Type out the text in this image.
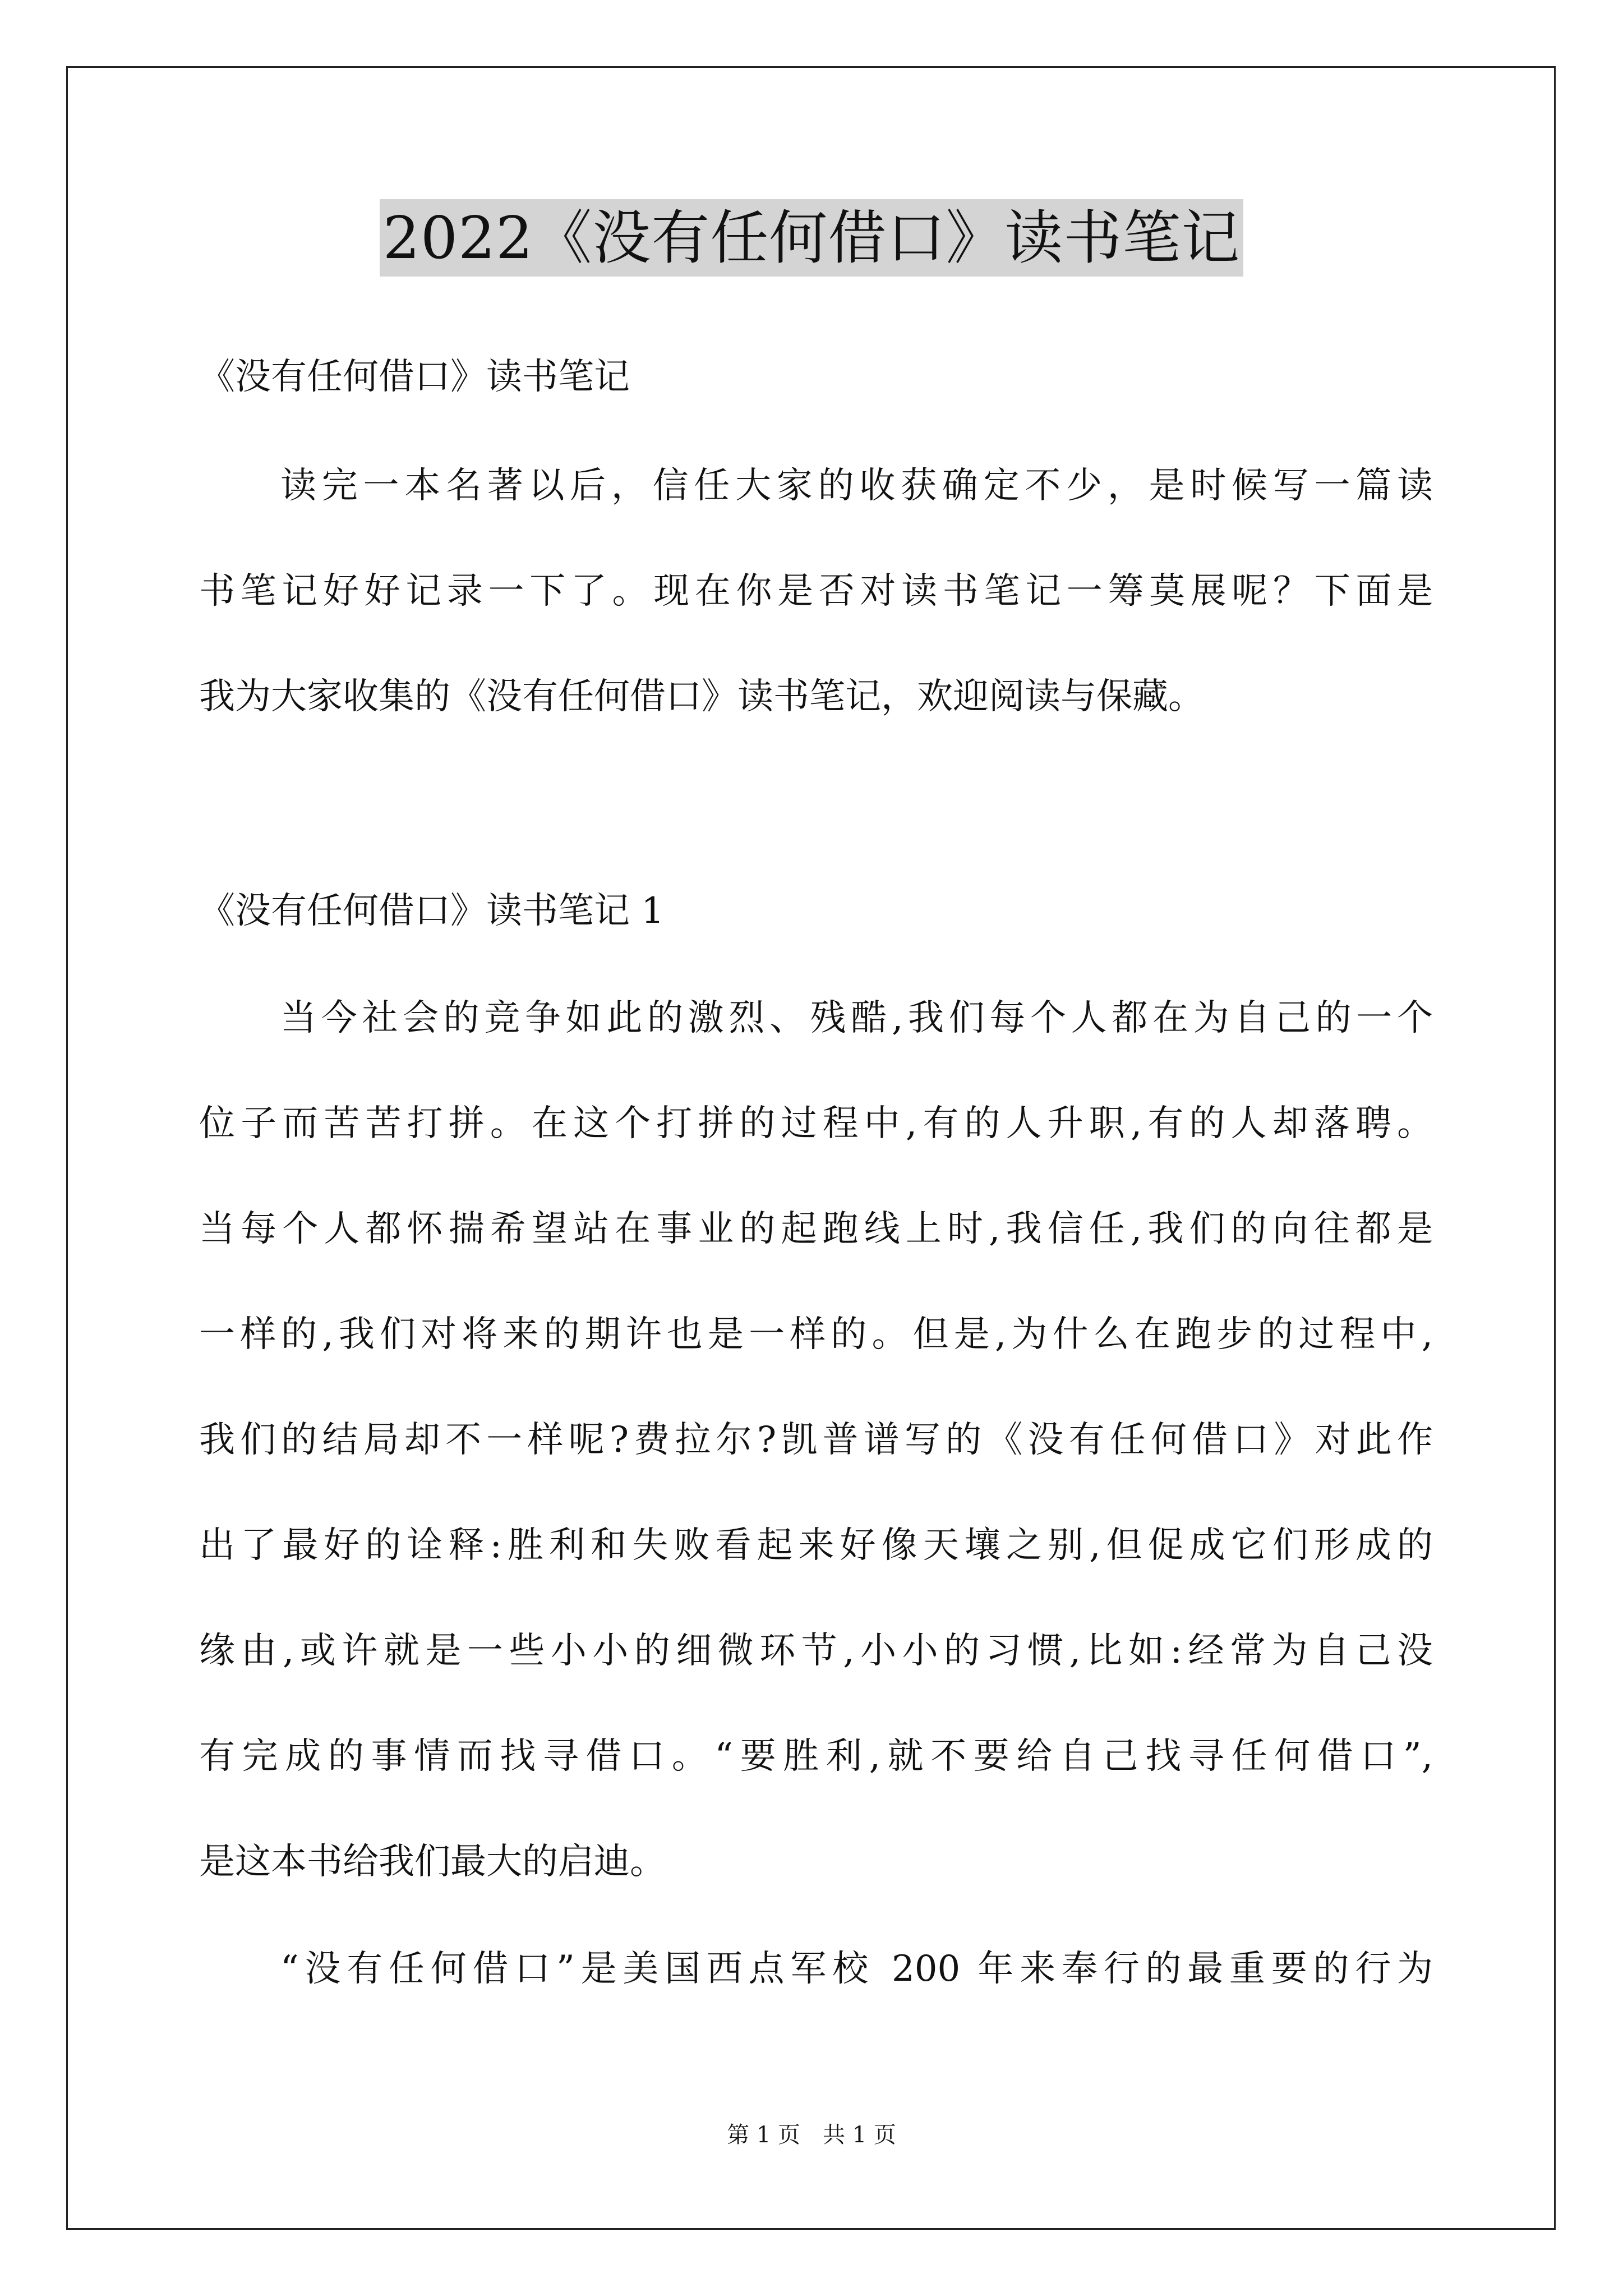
2022《没有任何借口》读书笔记
《没有任何借口》读书笔记
读完一本名著以后，信任大家的收获确定不少，是时候写一篇读
书笔记好好记录一下了。现在你是否对读书笔记一筹莫展呢？下面是
我为大家收集的《没有任何借口》读书笔记，欢迎阅读与保藏。
《没有任何借口》读书笔记 1
当今社会的竞争如此的激烈、残酷,我们每个人都在为自己的一个
位子而苦苦打拼。在这个打拼的过程中,有的人升职,有的人却落聘。
当每个人都怀揣希望站在事业的起跑线上时,我信任,我们的向往都是
一样的,我们对将来的期许也是一样的。但是,为什么在跑步的过程中,
我们的结局却不一样呢?费拉尔?凯普谱写的《没有任何借口》对此作
出了最好的诠释:胜利和失败看起来好像天壤之别,但促成它们形成的
缘由,或许就是一些小小的细微环节,小小的习惯,比如:经常为自己没
有完成的事情而找寻借口。“要胜利,就不要给自己找寻任何借口”,
是这本书给我们最大的启迪。
“没有任何借口”是美国西点军校 200 年来奉行的最重要的行为
第 1 页　共 1 页
